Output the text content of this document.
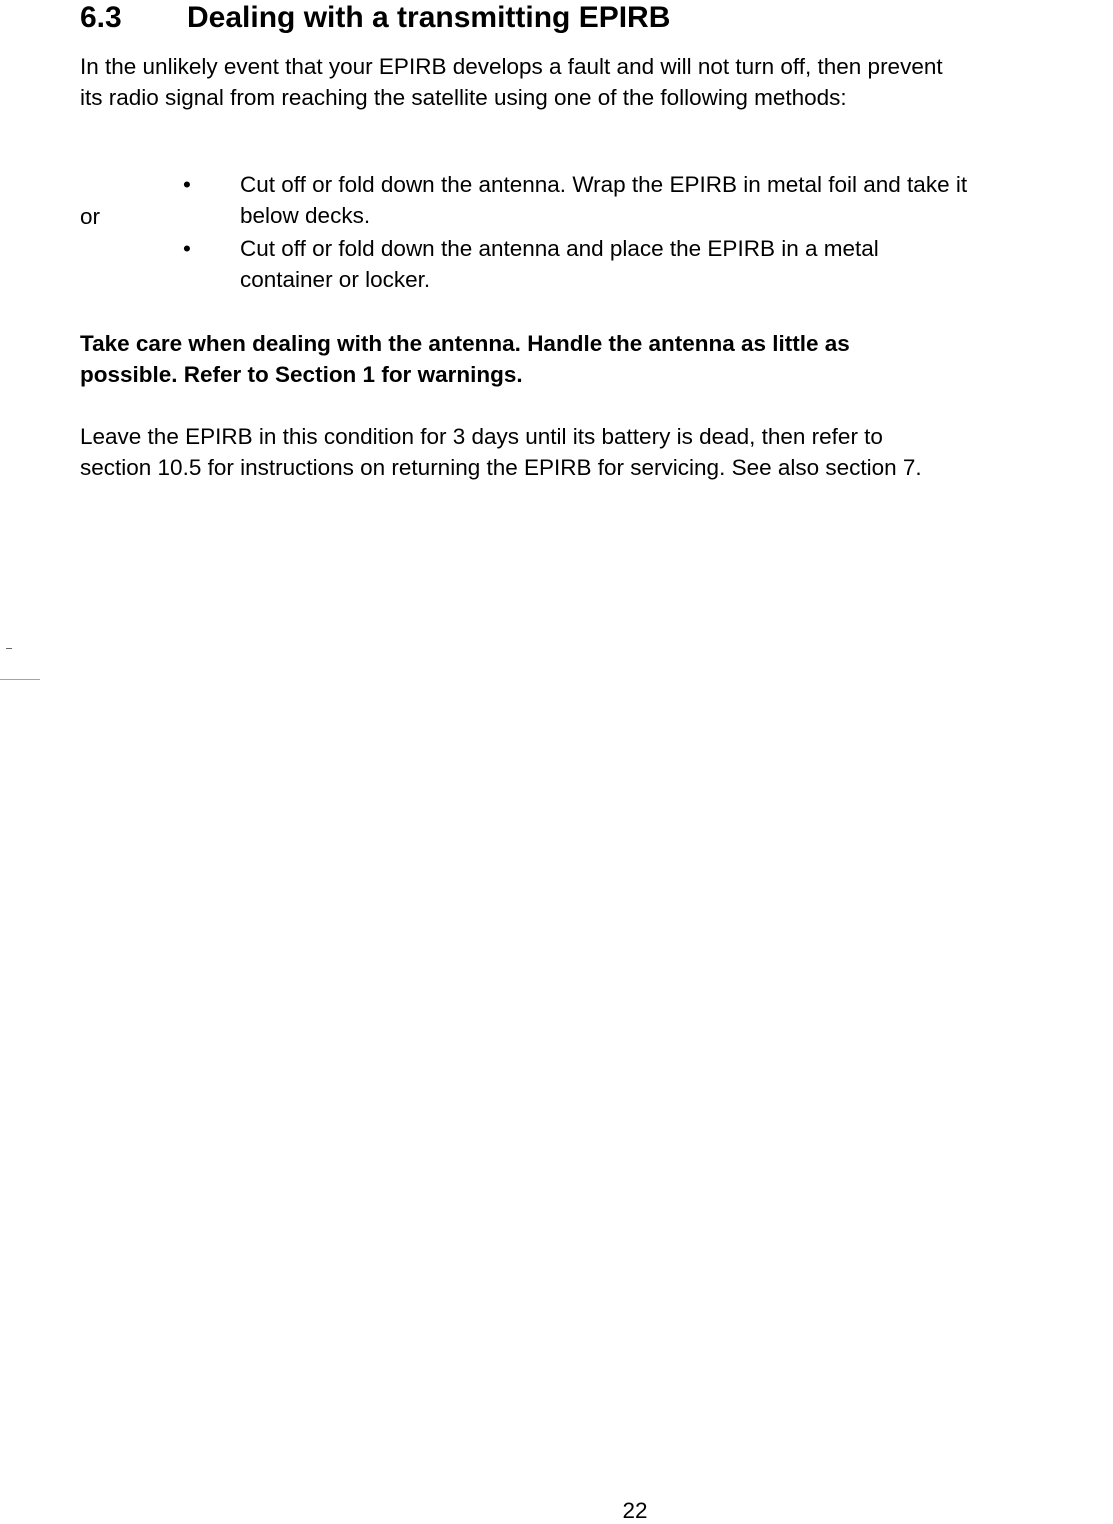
6.3 Dealing with a transmitting EPIRB
In the unlikely event that your EPIRB develops a fault and will not turn off, then prevent
its radio signal from reaching the satellite using one of the following methods:
• Cut off or fold down the antenna. Wrap the EPIRB in metal foil and take it
below decks.
or
• Cut off or fold down the antenna and place the EPIRB in a metal
container or locker.
Take care when dealing with the antenna. Handle the antenna as little as
possible. Refer to Section 1 for warnings.
Leave the EPIRB in this condition for 3 days until its battery is dead, then refer to
section 10.5 for instructions on returning the EPIRB for servicing. See also section 7.
22
